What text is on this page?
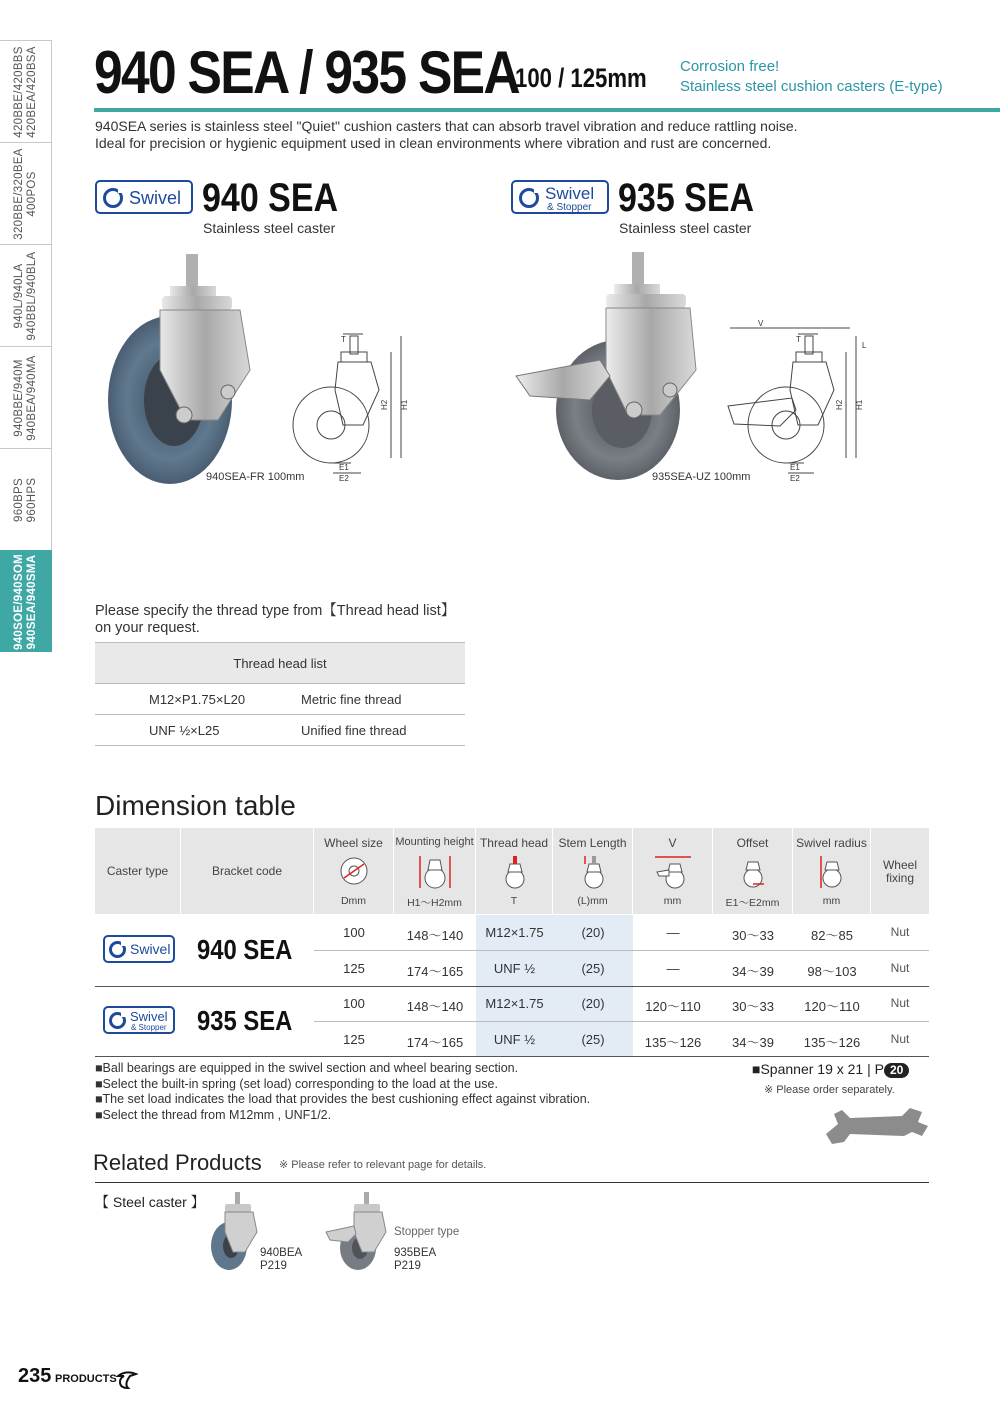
420BBE/420BBS
420BEA/420BSA
320BBE/320BEA
400POS
940L/940LA
940BBL/940BLA
940BBE/940M
940BEA/940MA
960BPS
960HPS
940SOE/940SOM
940SEA/940SMA
940 SEA / 935 SEA
100 / 125mm Corrosion free!
Stainless steel cushion casters (E-type)
940SEA series is stainless steel "Quiet" cushion casters that can absorb travel vibration and reduce rattling noise.
Ideal for precision or hygienic equipment used in clean environments where vibration and rust are concerned.
Swivel 940 SEA
Stainless steel caster
T
H2 H1
E1
E2
940SEA-FR 100mm
Swivel
& Stopper 935 SEA
Stainless steel caster
V
T
H2 H1
L
E1
E2
935SEA-UZ 100mm
Please specify the thread type from【Thread head list】
on your request.
Thread head list	
M12×P1.75×L20	Metric fine thread
UNF ½×L25	Unified fine thread
Dimension table
Caster type	Bracket code
Wheel size
Dmm
Mounting height
H1～H2mm
Thread head
T
Stem Length
(L)mm
V
mm
Offset
E1～E2mm
Swivel radius
mm
Wheel
fixing
Swivel 940 SEA
100	148～140	M12×1.75	(20)	—	30～33	82～85	Nut
125	174～165	UNF ½	(25)	—	34～39	98～103	Nut
Swivel
& Stopper 935 SEA
100	148～140	M12×1.75	(20)	120～110	30～33	120～110	Nut
125	174～165	UNF ½	(25)	135～126	34～39	135～126	Nut
■Ball bearings are equipped in the swivel section and wheel bearing section.
■Select the built-in spring (set load) corresponding to the load at the use.
■The set load indicates the load that provides the best cushioning effect against vibration.
■Select the thread from M12mm , UNF1/2.
■Spanner 19 x 21 | P 20
※ Please order separately.
Related Products ※ Please refer to relevant page for details.
【 Steel caster 】
940BEA
P219
Stopper type
935BEA
P219
235 PRODUCTS
